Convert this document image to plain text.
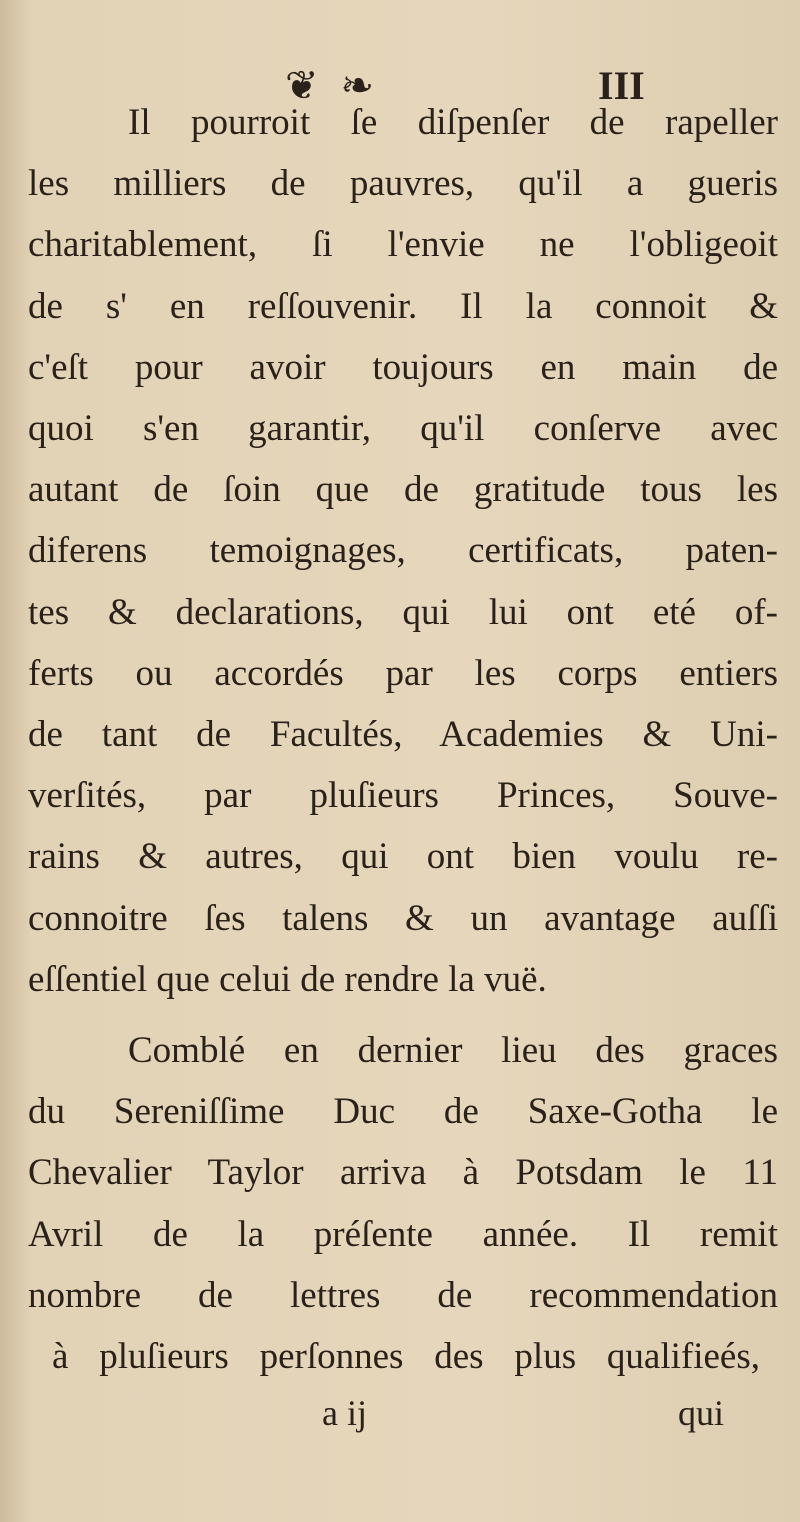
❦ ❧	III
Il pourroit ſe diſpenſer de rapeller
les milliers de pauvres, qu'il a gueris
charitablement, ſi l'envie ne l'obligeoit
de s' en reſſouvenir. Il la connoit &
c'eſt pour avoir toujours en main de
quoi s'en garantir, qu'il conſerve avec
autant de ſoin que de gratitude tous les
diferens temoignages, certificats, paten-
tes & declarations, qui lui ont eté of-
ferts ou accordés par les corps entiers
de tant de Facultés, Academies & Uni-
verſités, par pluſieurs Princes, Souve-
rains & autres, qui ont bien voulu re-
connoitre ſes talens & un avantage auſſi
eſſentiel que celui de rendre la vuë.
Comblé en dernier lieu des graces
du Sereniſſime Duc de Saxe-Gotha le
Chevalier Taylor arriva à Potsdam le 11
Avril de la préſente année. Il remit
nombre de lettres de recommendation
à pluſieurs perſonnes des plus qualifieés,
a ij	qui
